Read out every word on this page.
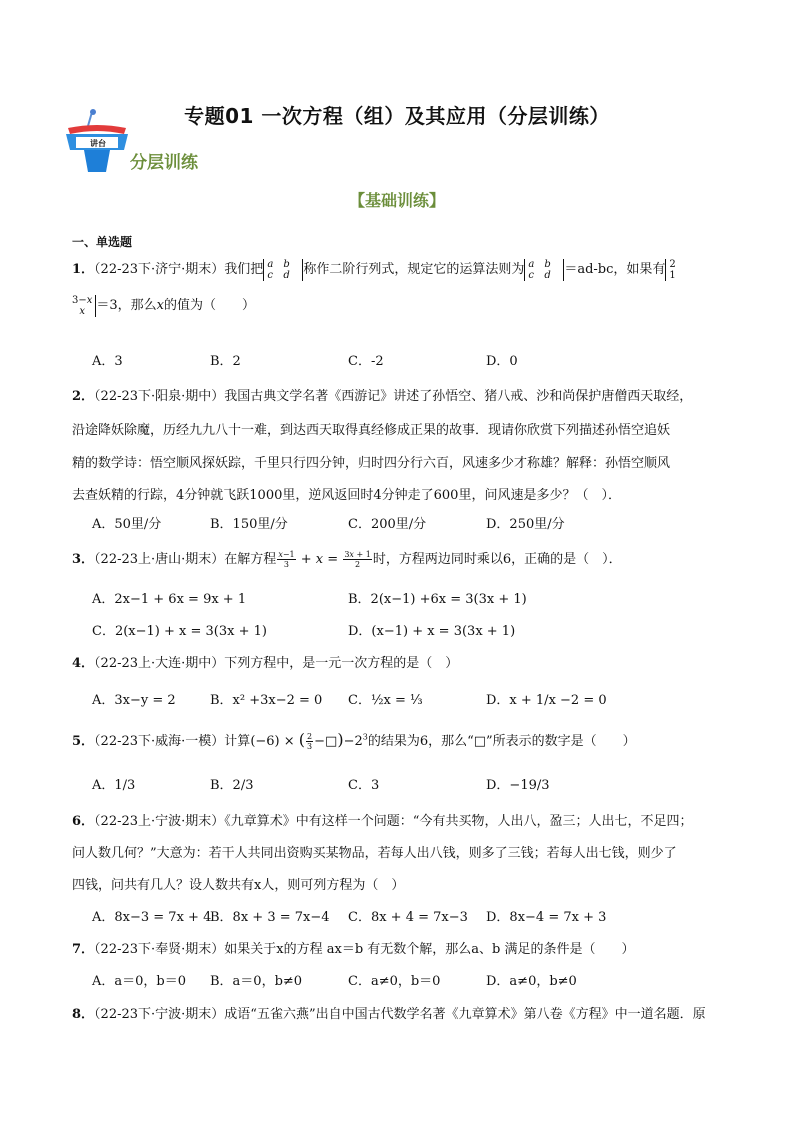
讲台
专题01 一次方程（组）及其应用（分层训练）
分层训练
【基础训练】
一、单选题
1．（22-23下·济宁·期末）我们把 a b
c d 称作二阶行列式，规定它的运算法则为 a b
c d ＝ad-bc，如果有 2
1
3−x
x ＝3，那么x的值为（　　）
A．3	B．2	C．-2	D．0
2．（22-23下·阳泉·期中）我国古典文学名著《西游记》讲述了孙悟空、猪八戒、沙和尚保护唐僧西天取经，
沿途降妖除魔，历经九九八十一难，到达西天取得真经修成正果的故事．现请你欣赏下列描述孙悟空追妖
精的数学诗：悟空顺风探妖踪，千里只行四分钟，归时四分行六百，风速多少才称雄？解释：孙悟空顺风
去查妖精的行踪，4分钟就飞跃1000里，逆风返回时4分钟走了600里，问风速是多少？（　）．
A．50里/分	B．150里/分	C．200里/分	D．250里/分
3．（22-23上·唐山·期末）在解方程 $\frac{x-1}{3} + x = \frac{3x + 1}{2}$ 时，方程两边同时乘以6，正确的是（　）．
A．2x−1 + 6x = 9x + 1	B．2(x−1) +6x = 3(3x + 1)
C．2(x−1) + x = 3(3x + 1)	D．(x−1) + x = 3(3x + 1)
4．（22-23上·大连·期中）下列方程中，是一元一次方程的是（　）
A．3x−y = 2	B．x² +3x−2 = 0 C．½x = ⅓	D．x + 1/x −2 = 0
5．（22-23下·威海·一模）计算(−6) × ( $\frac{2}{3}$ $-□)-2^3$的结果为6，那么“□”所表示的数字是（　　）
A．1/3	B．2/3	C．3	D．−19/3
6．（22-23上·宁波·期末）《九章算术》中有这样一个问题：“今有共买物，人出八，盈三；人出七，不足四；
问人数几何？”大意为：若干人共同出资购买某物品，若每人出八钱，则多了三钱；若每人出七钱，则少了
四钱，问共有几人？设人数共有x人，则可列方程为（　）
A．8x−3 = 7x + 4
B．8x + 3 = 7x−4 C．8x + 4 = 7x−3 D．8x−4 = 7x + 3
7．（22-23下·奉贤·期末）如果关于x的方程 ax＝b 有无数个解，那么a、b 满足的条件是（　　）
A．a＝0，b＝0 B．a＝0，b≠0	C．a≠0，b＝0	D．a≠0，b≠0
8．（22-23下·宁波·期末）成语“五雀六燕”出自中国古代数学名著《九章算术》第八卷《方程》中一道名题．原
